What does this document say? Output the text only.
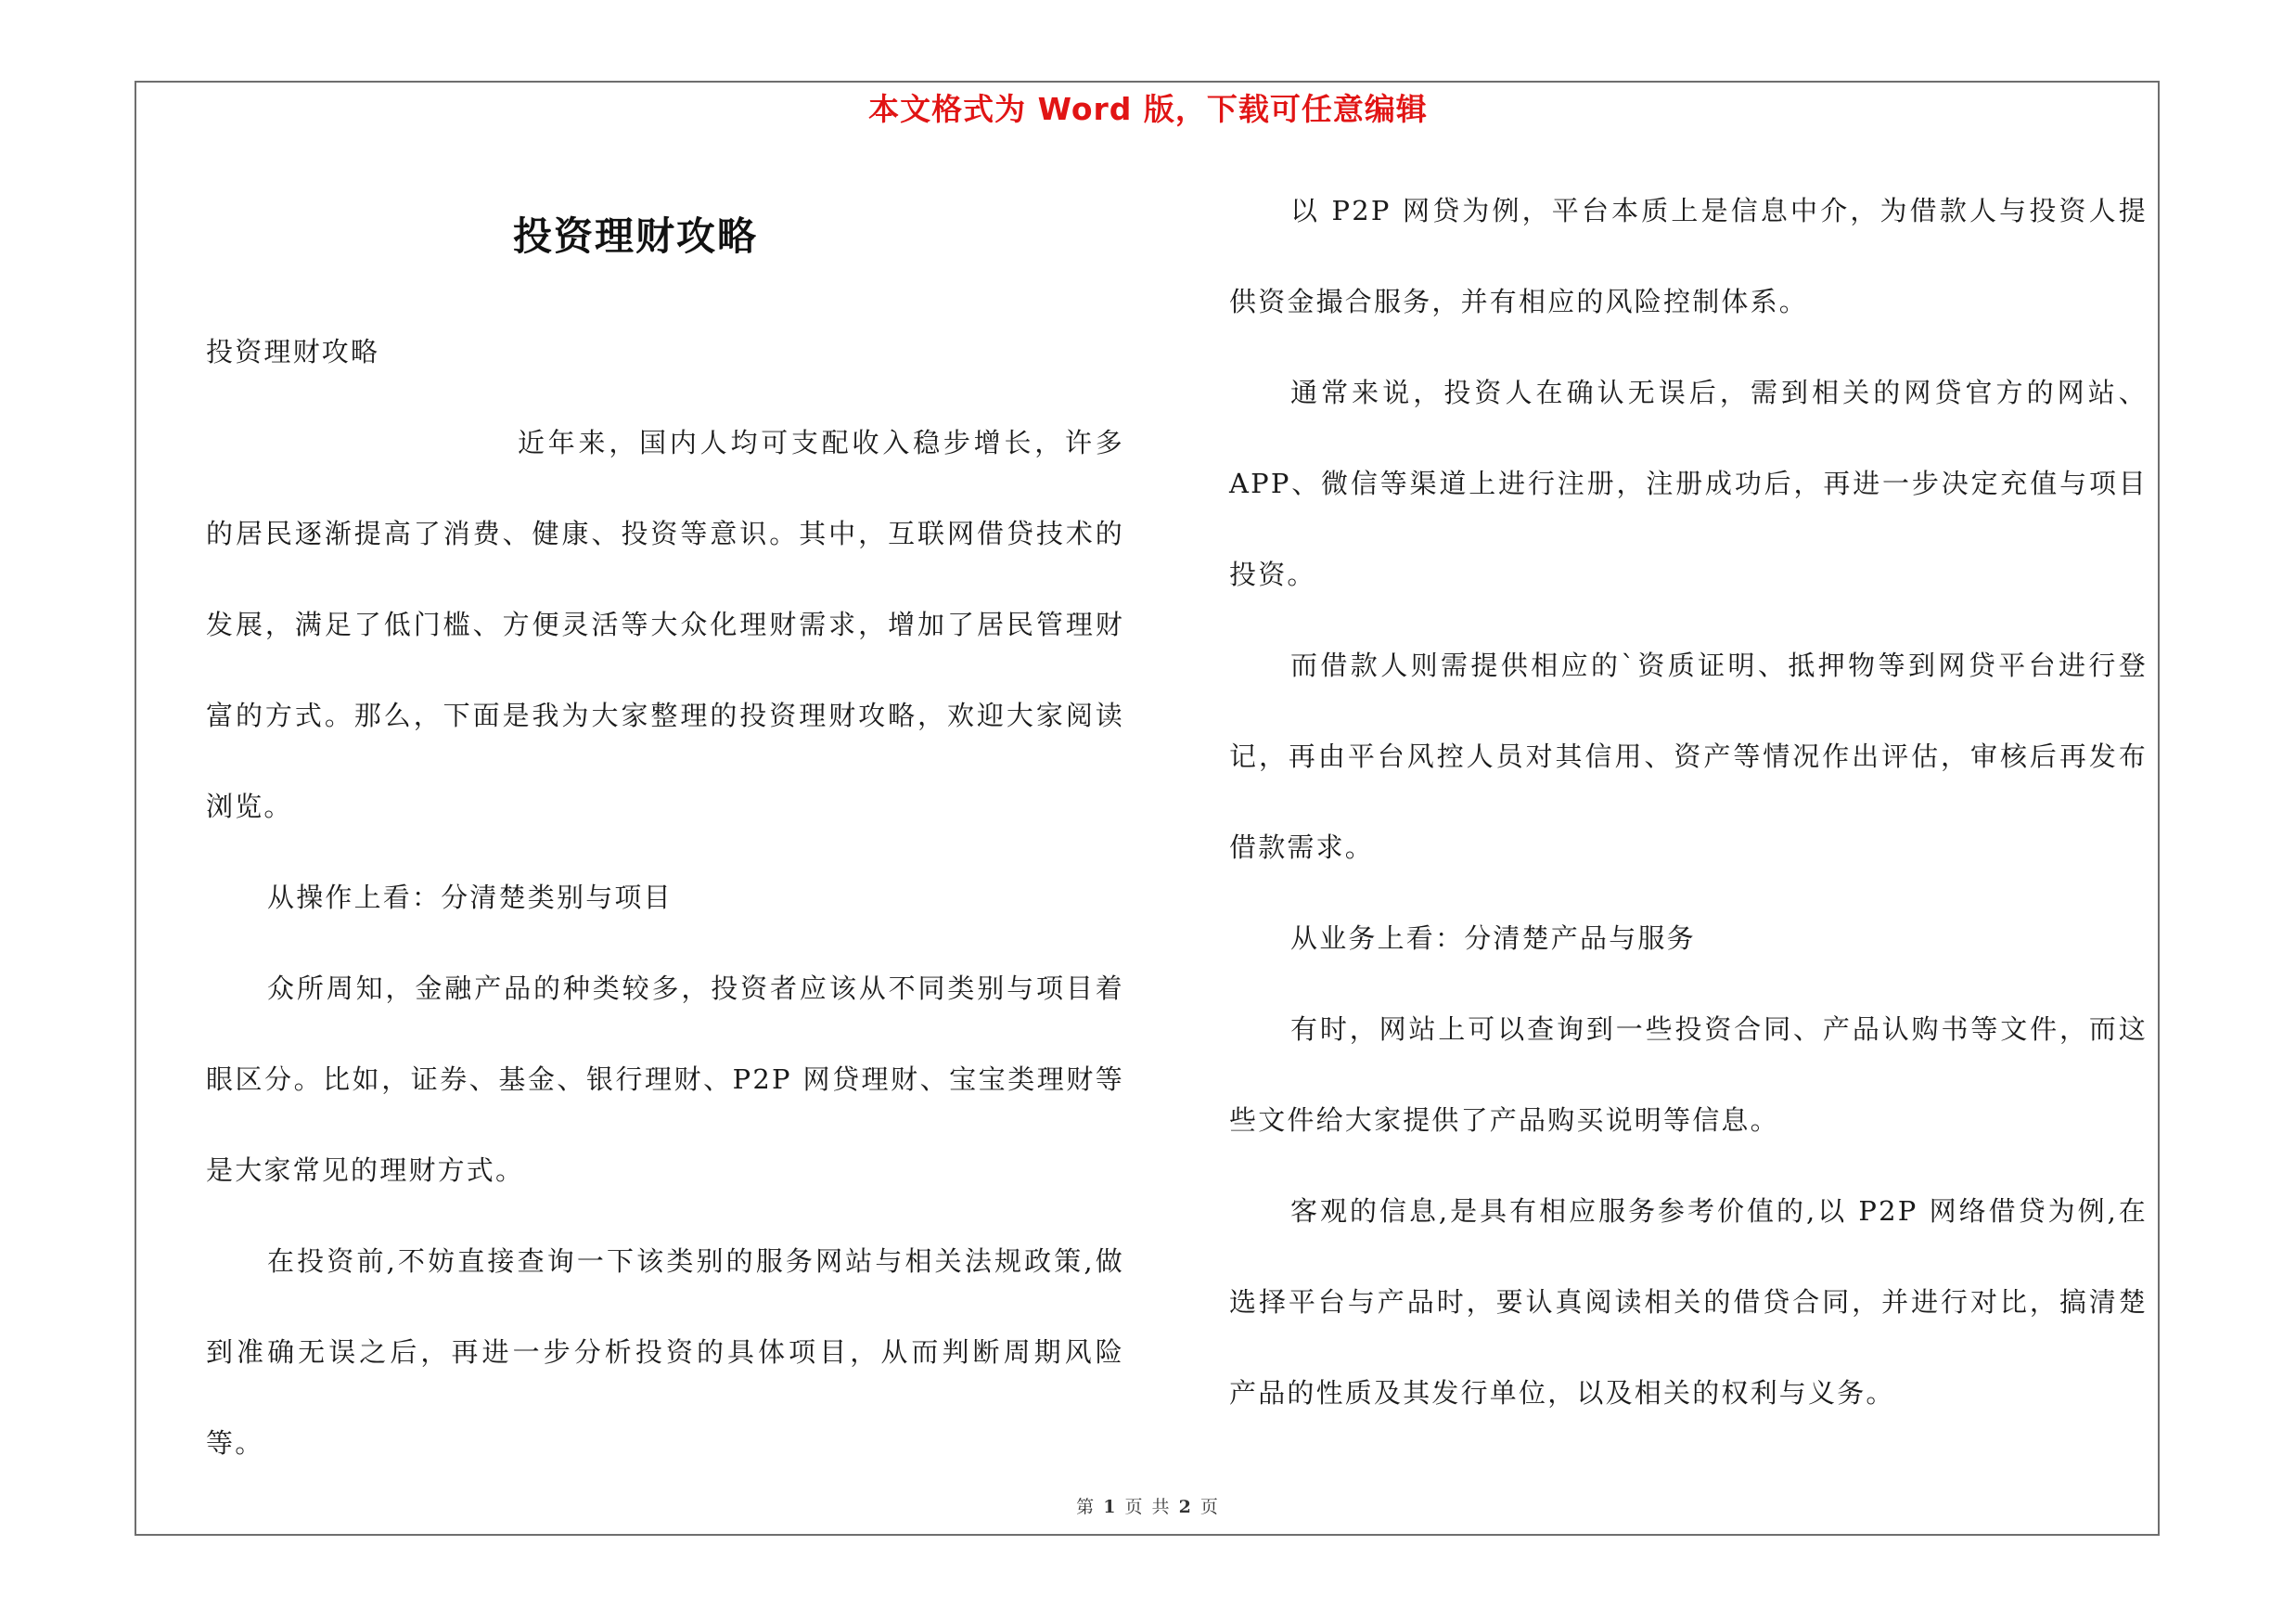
本文格式为 Word 版，下载可任意编辑
投资理财攻略

投资理财攻略

近年来，国内人均可支配收入稳步增长，许多的居民逐渐提高了消费、健康、投资等意识。其中，互联网借贷技术的发展，满足了低门槛、方便灵活等大众化理财需求，增加了居民管理财富的方式。那么，下面是我为大家整理的投资理财攻略，欢迎大家阅读浏览。

从操作上看：分清楚类别与项目

众所周知，金融产品的种类较多，投资者应该从不同类别与项目着眼区分。比如，证券、基金、银行理财、P2P 网贷理财、宝宝类理财等是大家常见的理财方式。

在投资前,不妨直接查询一下该类别的服务网站与相关法规政策,做到准确无误之后，再进一步分析投资的具体项目，从而判断周期风险等。

以 P2P 网贷为例，平台本质上是信息中介，为借款人与投资人提供资金撮合服务，并有相应的风险控制体系。

通常来说，投资人在确认无误后，需到相关的网贷官方的网站、APP、微信等渠道上进行注册，注册成功后，再进一步决定充值与项目投资。

而借款人则需提供相应的`资质证明、抵押物等到网贷平台进行登记，再由平台风控人员对其信用、资产等情况作出评估，审核后再发布借款需求。

从业务上看：分清楚产品与服务

有时，网站上可以查询到一些投资合同、产品认购书等文件，而这些文件给大家提供了产品购买说明等信息。

客观的信息,是具有相应服务参考价值的,以 P2P 网络借贷为例,在选择平台与产品时，要认真阅读相关的借贷合同，并进行对比，搞清楚产品的性质及其发行单位，以及相关的权利与义务。

第 1 页 共 2 页
